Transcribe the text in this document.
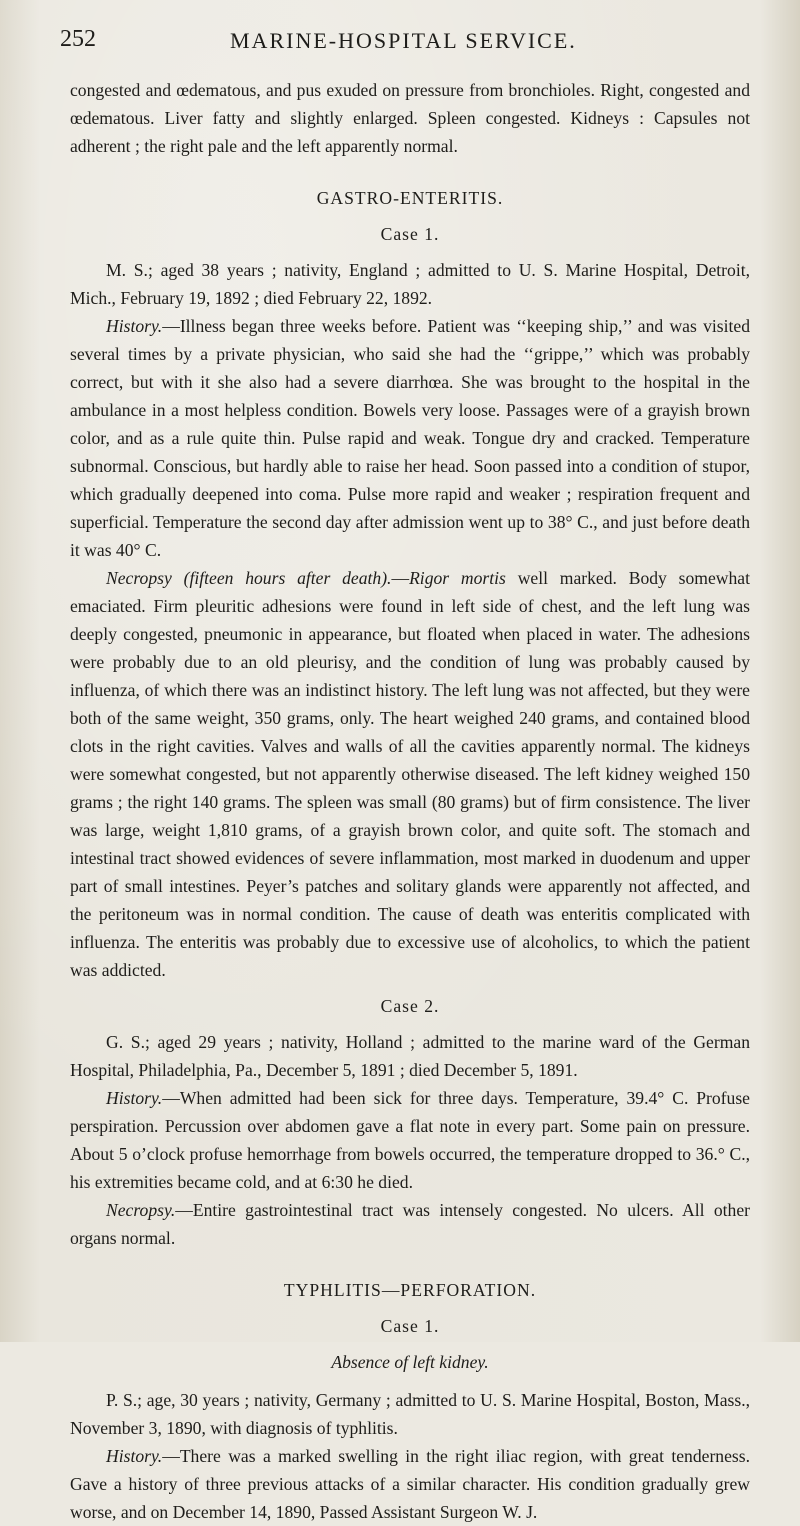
252	MARINE-HOSPITAL SERVICE.

congested and œdematous, and pus exuded on pressure from bronchioles. Right, congested and œdematous. Liver fatty and slightly enlarged. Spleen congested. Kidneys : Capsules not adherent ; the right pale and the left apparently normal.

GASTRO-ENTERITIS.

Case 1.

M. S.; aged 38 years ; nativity, England ; admitted to U. S. Marine Hospital, Detroit, Mich., February 19, 1892 ; died February 22, 1892.

History.—Illness began three weeks before. Patient was ‘‘keeping ship,’’ and was visited several times by a private physician, who said she had the ‘‘grippe,’’ which was probably correct, but with it she also had a severe diarrhœa. She was brought to the hospital in the ambulance in a most helpless condition. Bowels very loose. Passages were of a grayish brown color, and as a rule quite thin. Pulse rapid and weak. Tongue dry and cracked. Temperature subnormal. Conscious, but hardly able to raise her head. Soon passed into a condition of stupor, which gradually deepened into coma. Pulse more rapid and weaker ; respiration frequent and superficial. Temperature the second day after admission went up to 38° C., and just before death it was 40° C.

Necropsy (fifteen hours after death).—Rigor mortis well marked. Body somewhat emaciated. Firm pleuritic adhesions were found in left side of chest, and the left lung was deeply congested, pneumonic in appearance, but floated when placed in water. The adhesions were probably due to an old pleurisy, and the condition of lung was probably caused by influenza, of which there was an indistinct history. The left lung was not affected, but they were both of the same weight, 350 grams, only. The heart weighed 240 grams, and contained blood clots in the right cavities. Valves and walls of all the cavities apparently normal. The kidneys were somewhat congested, but not apparently otherwise diseased. The left kidney weighed 150 grams ; the right 140 grams. The spleen was small (80 grams) but of firm consistence. The liver was large, weight 1,810 grams, of a grayish brown color, and quite soft. The stomach and intestinal tract showed evidences of severe inflammation, most marked in duodenum and upper part of small intestines. Peyer’s patches and solitary glands were apparently not affected, and the peritoneum was in normal condition. The cause of death was enteritis complicated with influenza. The enteritis was probably due to excessive use of alcoholics, to which the patient was addicted.

Case 2.

G. S.; aged 29 years ; nativity, Holland ; admitted to the marine ward of the German Hospital, Philadelphia, Pa., December 5, 1891 ; died December 5, 1891.

History.—When admitted had been sick for three days. Temperature, 39.4° C. Profuse perspiration. Percussion over abdomen gave a flat note in every part. Some pain on pressure. About 5 o’clock profuse hemorrhage from bowels occurred, the temperature dropped to 36.° C., his extremities became cold, and at 6:30 he died.

Necropsy.—Entire gastrointestinal tract was intensely congested. No ulcers. All other organs normal.

TYPHLITIS—PERFORATION.

Case 1.

Absence of left kidney.

P. S.; age, 30 years ; nativity, Germany ; admitted to U. S. Marine Hospital, Boston, Mass., November 3, 1890, with diagnosis of typhlitis.

History.—There was a marked swelling in the right iliac region, with great tenderness. Gave a history of three previous attacks of a similar character. His condition gradually grew worse, and on December 14, 1890, Passed Assistant Surgeon W. J.
